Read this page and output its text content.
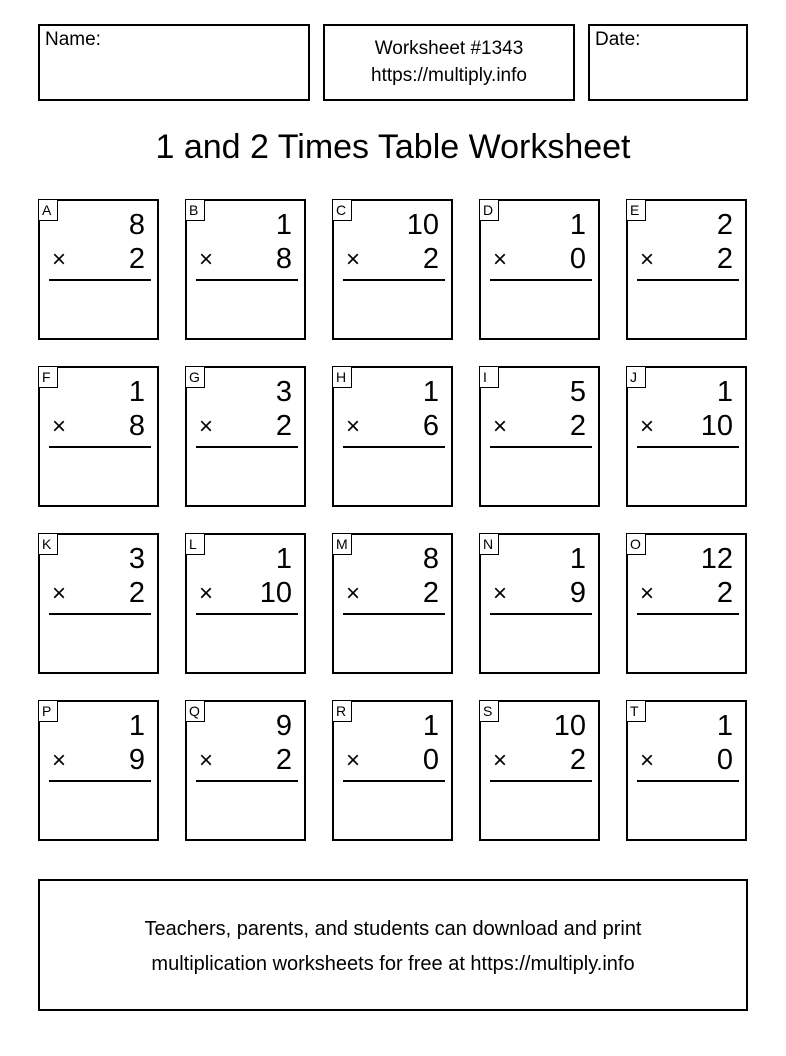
Name:	Worksheet #1343
https://multiply.info
Date:
1 and 2 Times Table Worksheet
A	8
× 2
B	1
× 8
C 10
× 2
D	1
× 0
E	2
× 2
F	1
× 8
G	3
× 2
H	1
× 6
I	5
× 2
J	1
× 10
K	3
× 2
L	1
× 10
M	8
× 2
N	1
× 9
O 12
× 2
P	1
× 9
Q	9
× 2
R	1
× 0
S 10
× 2
T	1
× 0
Teachers, parents, and students can download and print
multiplication worksheets for free at https://multiply.info
